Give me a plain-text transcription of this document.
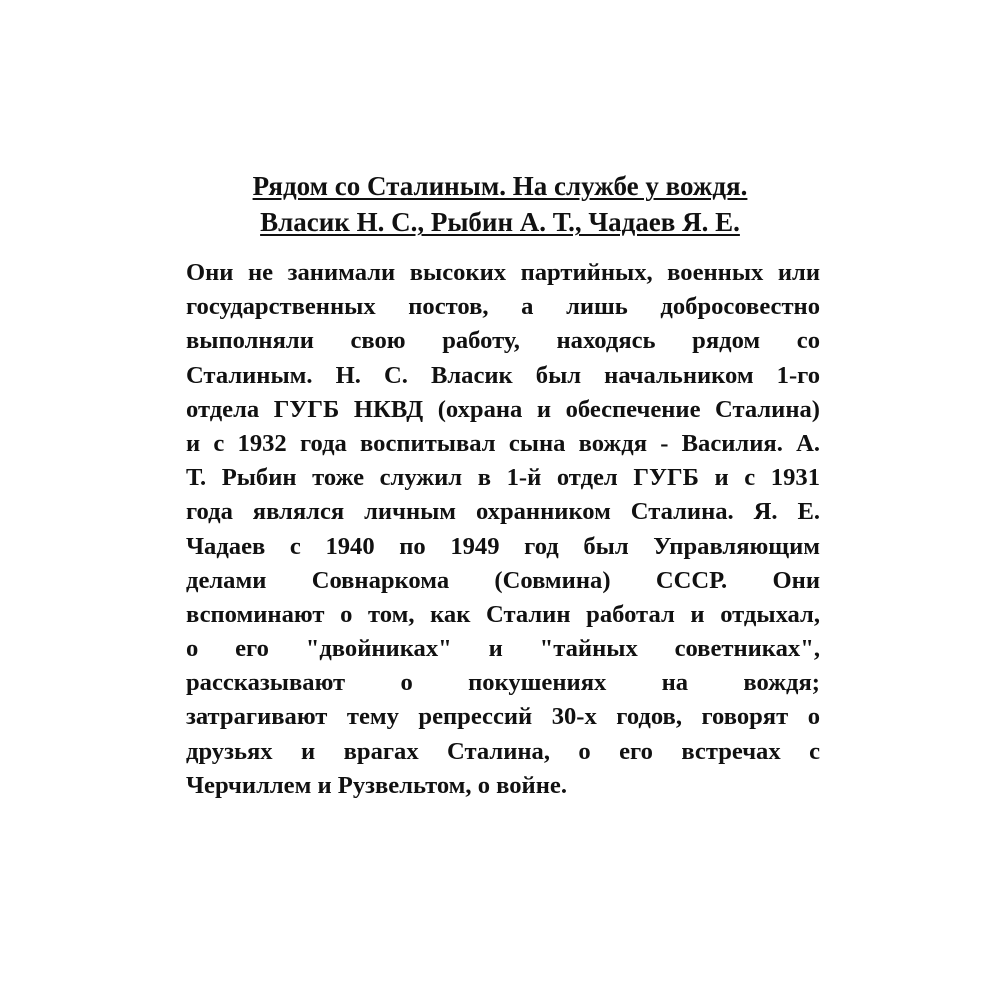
Рядом со Сталиным. На службе у вождя.
Власик Н. С., Рыбин А. Т., Чадаев Я. Е.
Они не занимали высоких партийных, военных или
государственных постов, а лишь добросовестно
выполняли свою работу, находясь рядом со
Сталиным. Н. С. Власик был начальником 1-го
отдела ГУГБ НКВД (охрана и обеспечение Сталина)
и с 1932 года воспитывал сына вождя - Василия. А.
Т. Рыбин тоже служил в 1-й отдел ГУГБ и с 1931
года являлся личным охранником Сталина. Я. Е.
Чадаев с 1940 по 1949 год был Управляющим
делами Совнаркома (Совмина) СССР. Они
вспоминают о том, как Сталин работал и отдыхал,
о его "двойниках" и "тайных советниках",
рассказывают о покушениях на вождя;
затрагивают тему репрессий 30-х годов, говорят о
друзьях и врагах Сталина, о его встречах с
Черчиллем и Рузвельтом, о войне.
